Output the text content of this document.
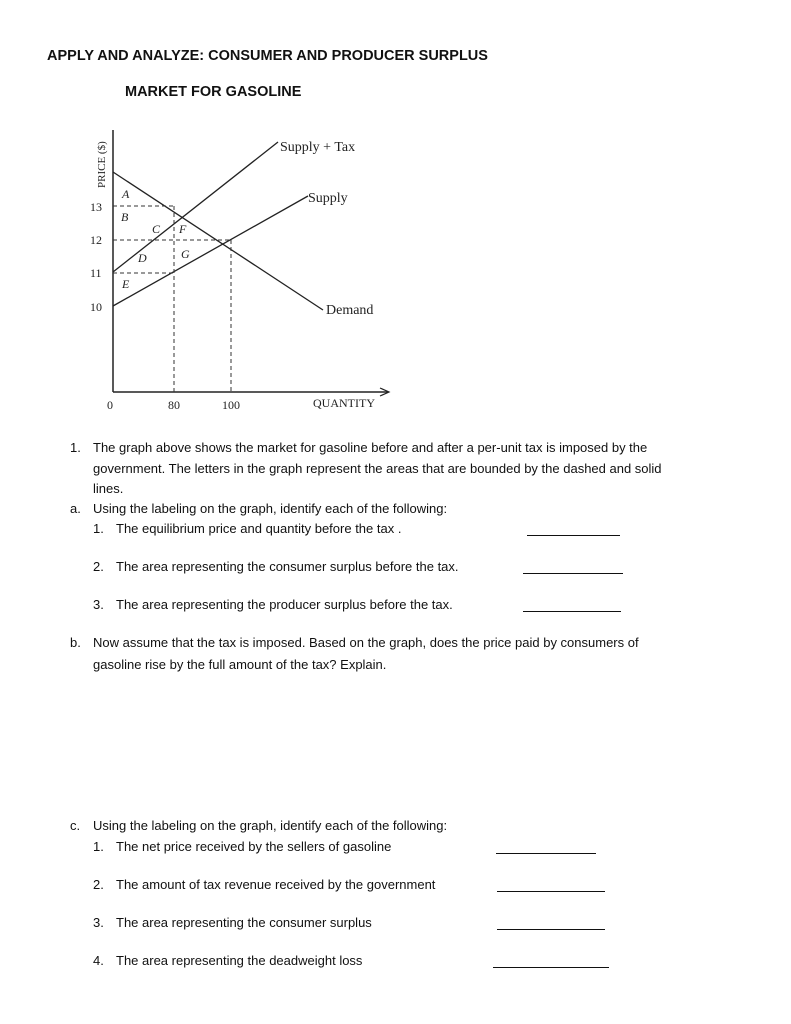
APPLY AND ANALYZE: CONSUMER AND PRODUCER SURPLUS
MARKET FOR GASOLINE
PRICE ($)
13
12
11
10
0	80	100	QUANTITY
Supply + Tax
Supply
Demand
A
B
C
D
E
F
G
1. The graph above shows the market for gasoline before and after a per-unit tax is imposed by the
government. The letters in the graph represent the areas that are bounded by the dashed and solid
lines.
a. Using the labeling on the graph, identify each of the following:
1. The equilibrium price and quantity before the tax .
2. The area representing the consumer surplus before the tax.
3. The area representing the producer surplus before the tax.
b. Now assume that the tax is imposed. Based on the graph, does the price paid by consumers of
gasoline rise by the full amount of the tax? Explain.
c. Using the labeling on the graph, identify each of the following:
1. The net price received by the sellers of gasoline
2. The amount of tax revenue received by the government
3. The area representing the consumer surplus
4. The area representing the deadweight loss
